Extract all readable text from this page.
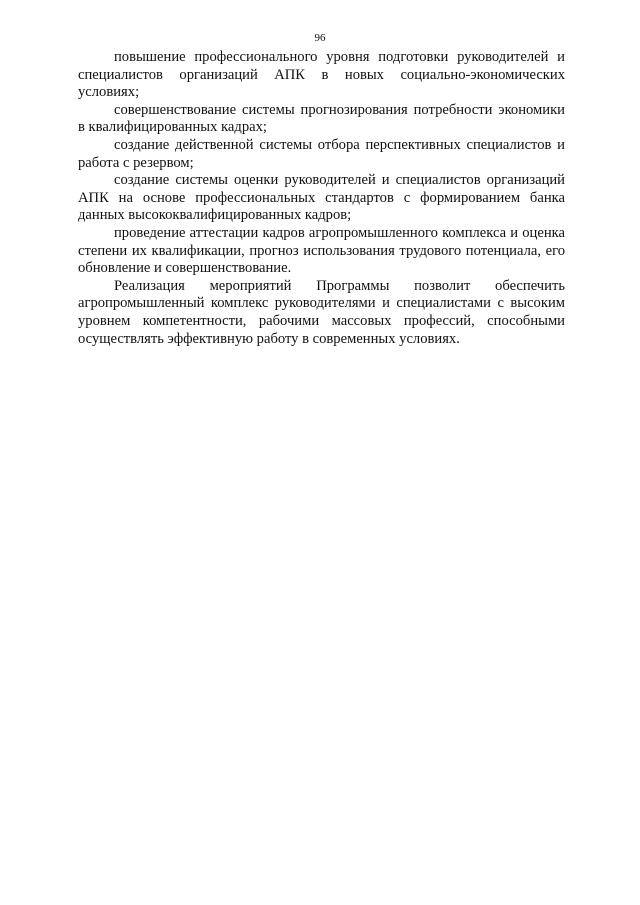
96

повышение профессионального уровня подготовки руководителей и специалистов организаций АПК в новых социально-экономических условиях;

совершенствование системы прогнозирования потребности экономики в квалифицированных кадрах;

создание действенной системы отбора перспективных специалистов и работа с резервом;

создание системы оценки руководителей и специалистов организаций АПК на основе профессиональных стандартов с формированием банка данных высококвалифицированных кадров;

проведение аттестации кадров агропромышленного комплекса и оценка степени их квалификации, прогноз использования трудового потенциала, его обновление и совершенствование.

Реализация мероприятий Программы позволит обеспечить агропромышленный комплекс руководителями и специалистами с высоким уровнем компетентности, рабочими массовых профессий, способными осуществлять эффективную работу в современных условиях.
